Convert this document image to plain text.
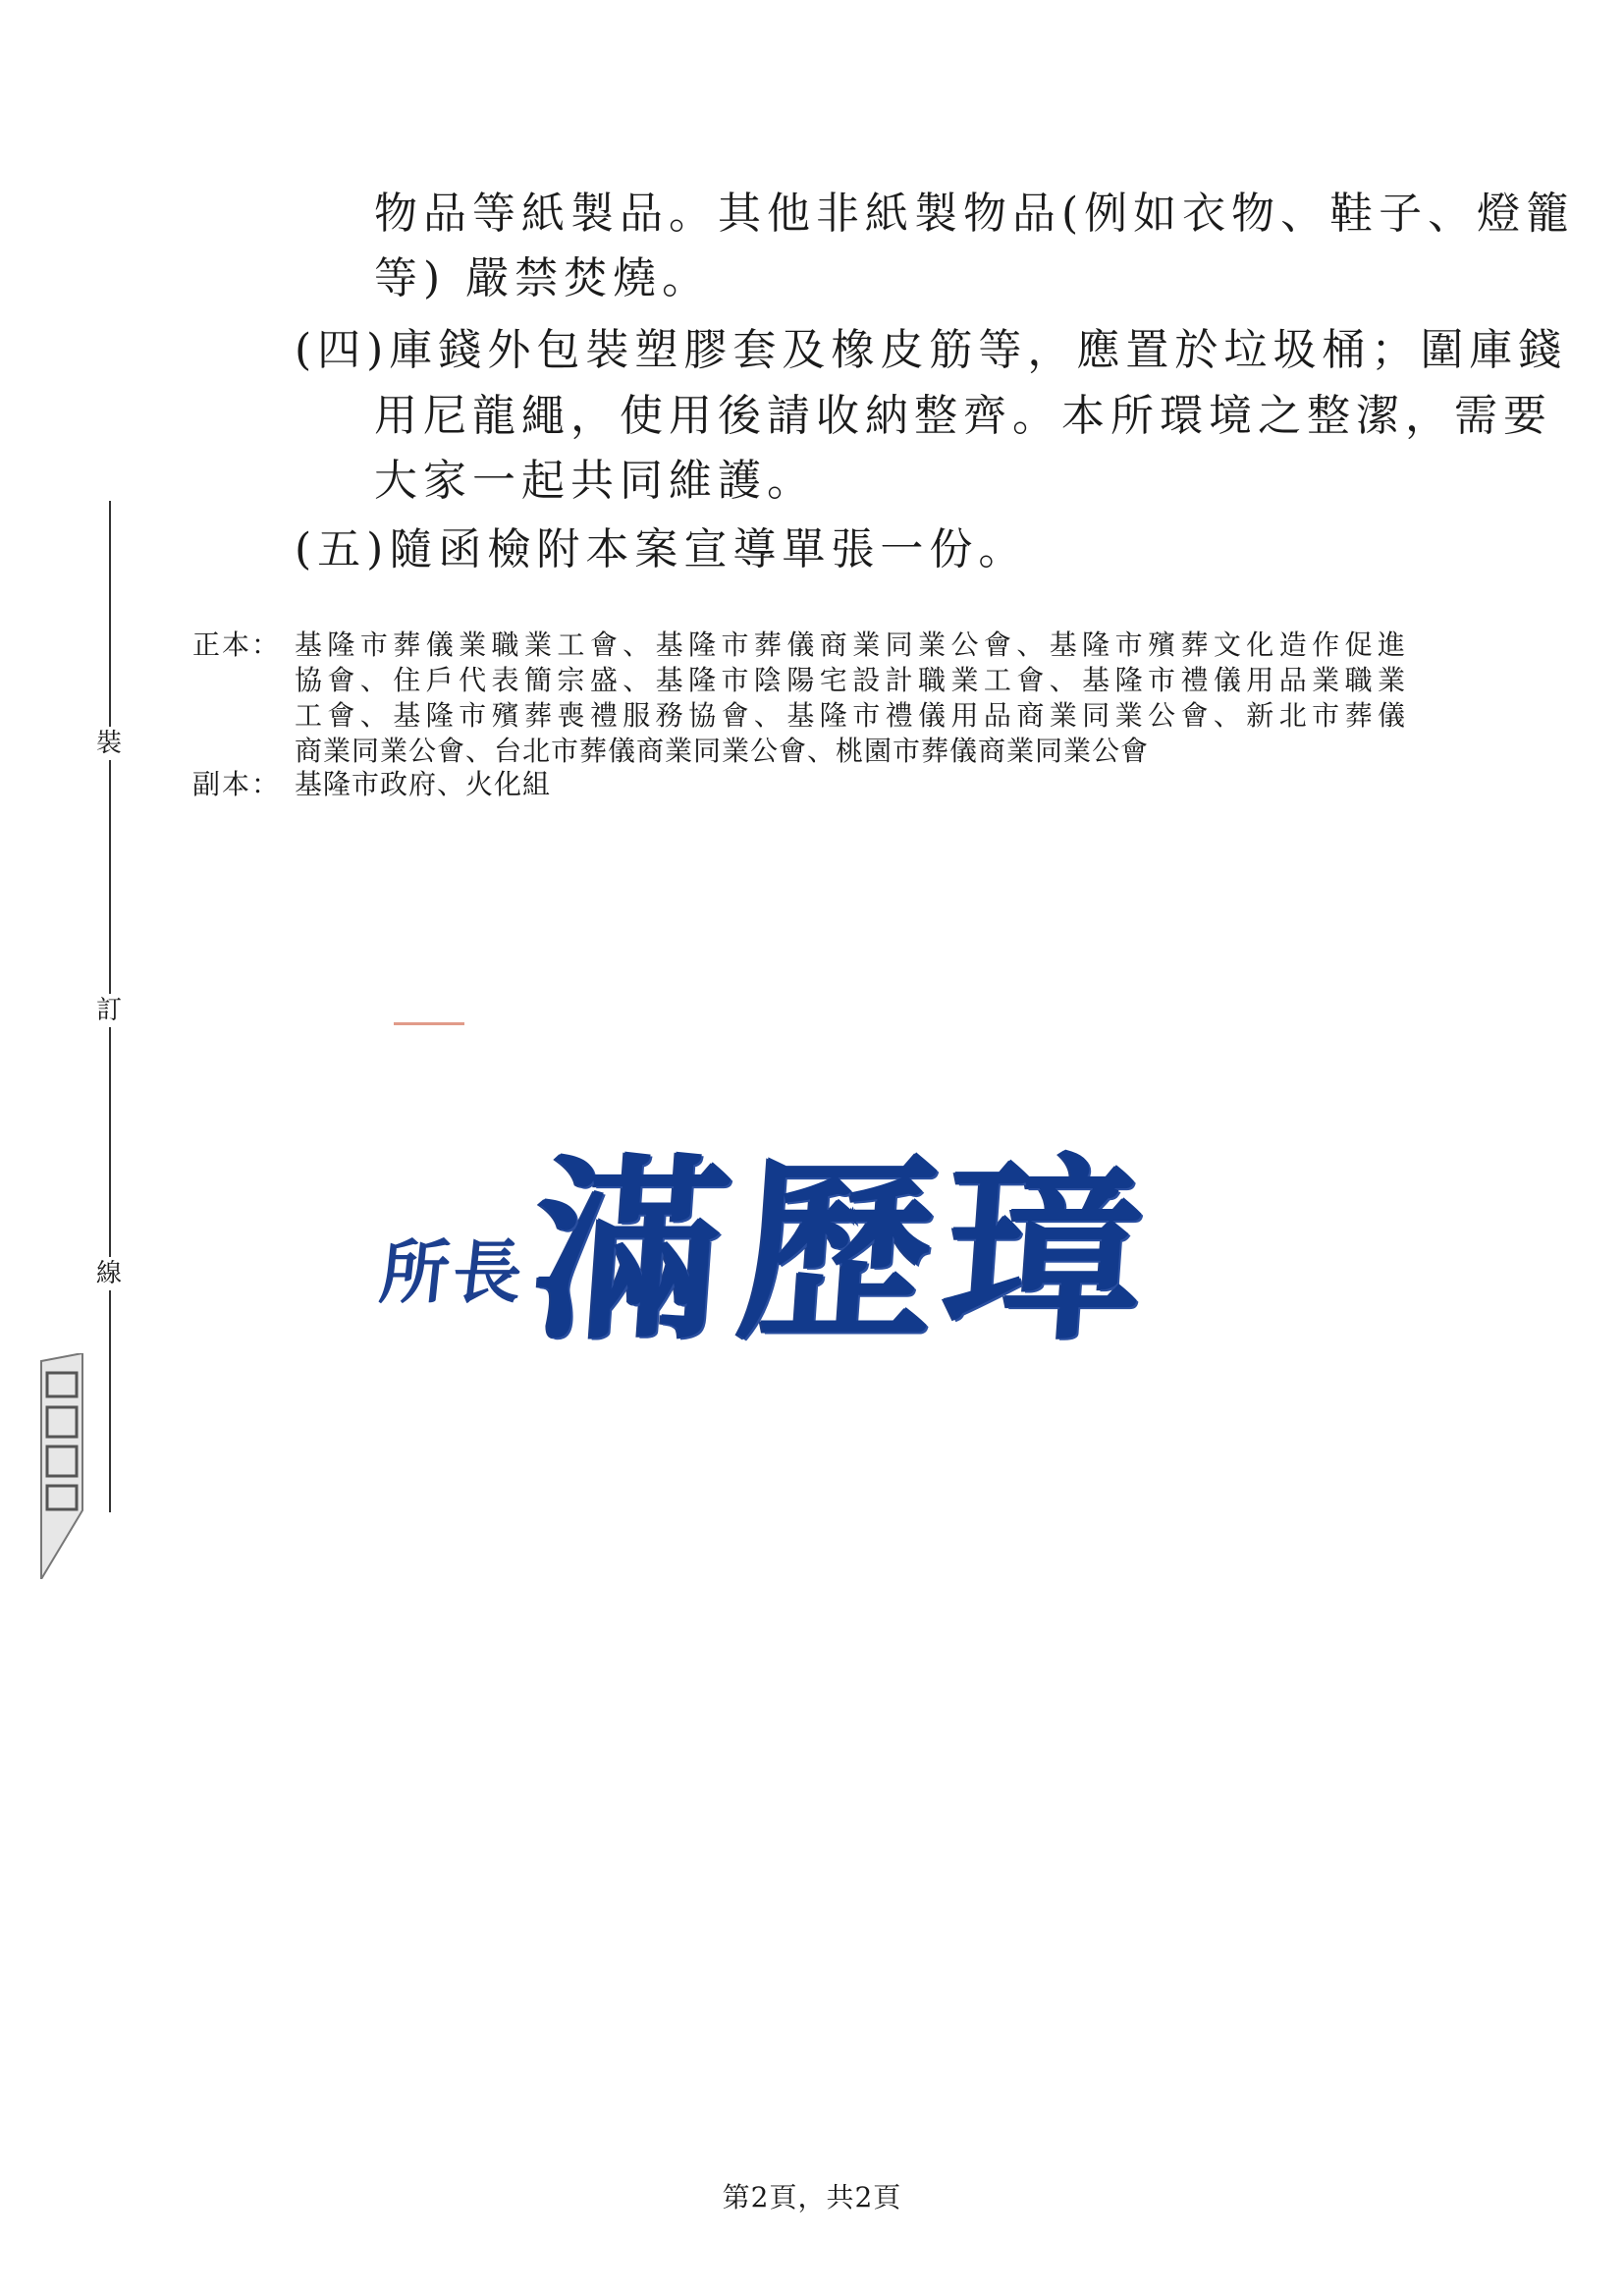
物品等紙製品。其他非紙製物品(例如衣物、鞋子、燈籠
等) 嚴禁焚燒。
(四)庫錢外包裝塑膠套及橡皮筋等，應置於垃圾桶；圍庫錢
用尼龍繩，使用後請收納整齊。本所環境之整潔，需要
大家一起共同維護。
(五)隨函檢附本案宣導單張一份。
正本： 基隆市葬儀業職業工會、基隆市葬儀商業同業公會、基隆市殯葬文化造作促進
協會、住戶代表簡宗盛、基隆市陰陽宅設計職業工會、基隆市禮儀用品業職業
工會、基隆市殯葬喪禮服務協會、基隆市禮儀用品商業同業公會、新北市葬儀
商業同業公會、台北市葬儀商業同業公會、桃園市葬儀商業同業公會
副本： 基隆市政府、火化組
裝
訂
線	所長
滿歷璋
第2頁，共2頁
